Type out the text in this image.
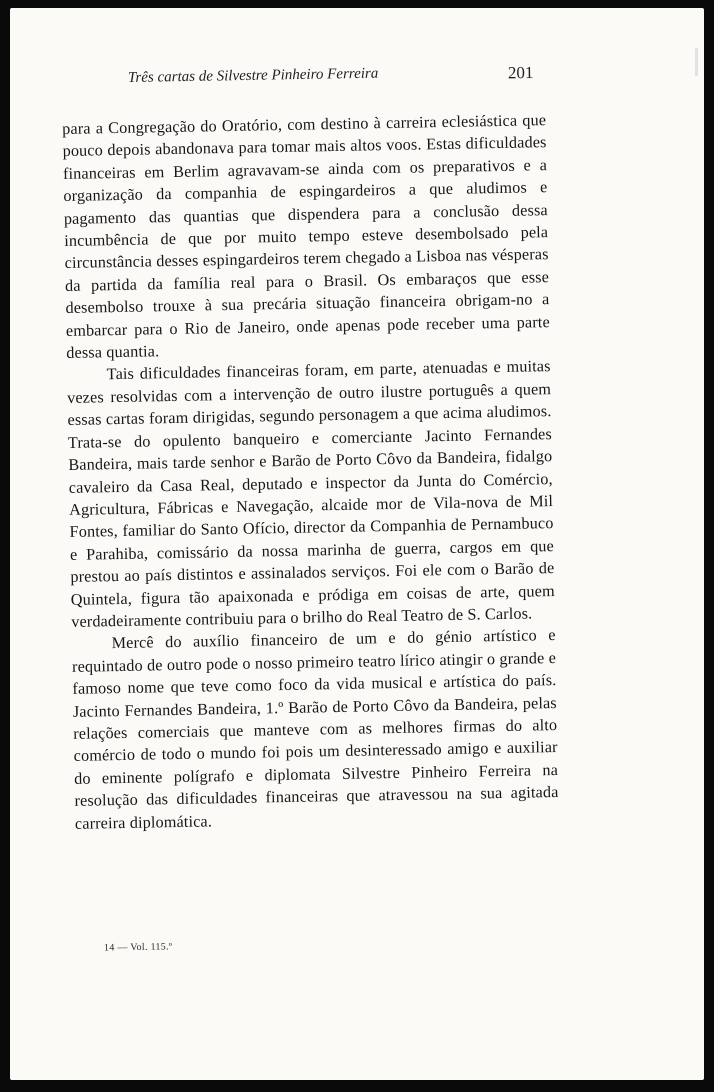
Três cartas de Silvestre Pinheiro Ferreira	201

para a Congregação do Oratório, com destino à carreira eclesiástica que pouco depois abandonava para tomar mais altos voos. Estas dificuldades financeiras em Berlim agravavam-se ainda com os preparativos e a organização da companhia de espingardeiros a que aludimos e pagamento das quantias que dispendera para a conclusão dessa incumbência de que por muito tempo esteve desembolsado pela circunstância desses espingardeiros terem chegado a Lisboa nas vésperas da partida da família real para o Brasil. Os embaraços que esse desembolso trouxe à sua precária situação financeira obrigam-no a embarcar para o Rio de Janeiro, onde apenas pode receber uma parte dessa quantia.

Tais dificuldades financeiras foram, em parte, atenuadas e muitas vezes resolvidas com a intervenção de outro ilustre português a quem essas cartas foram dirigidas, segundo personagem a que acima aludimos. Trata-se do opulento banqueiro e comerciante Jacinto Fernandes Bandeira, mais tarde senhor e Barão de Porto Côvo da Bandeira, fidalgo cavaleiro da Casa Real, deputado e inspector da Junta do Comércio, Agricultura, Fábricas e Navegação, alcaide mor de Vila-nova de Mil Fontes, familiar do Santo Ofício, director da Companhia de Pernambuco e Parahiba, comissário da nossa marinha de guerra, cargos em que prestou ao país distintos e assinalados serviços. Foi ele com o Barão de Quintela, figura tão apaixonada e pródiga em coisas de arte, quem verdadeiramente contribuiu para o brilho do Real Teatro de S. Carlos.

Mercê do auxílio financeiro de um e do génio artístico e requintado de outro pode o nosso primeiro teatro lírico atingir o grande e famoso nome que teve como foco da vida musical e artística do país. Jacinto Fernandes Bandeira, 1.º Barão de Porto Côvo da Bandeira, pelas relações comerciais que manteve com as melhores firmas do alto comércio de todo o mundo foi pois um desinteressado amigo e auxiliar do eminente polígrafo e diplomata Silvestre Pinheiro Ferreira na resolução das dificuldades financeiras que atravessou na sua agitada carreira diplomática.

14 — Vol. 115.º
